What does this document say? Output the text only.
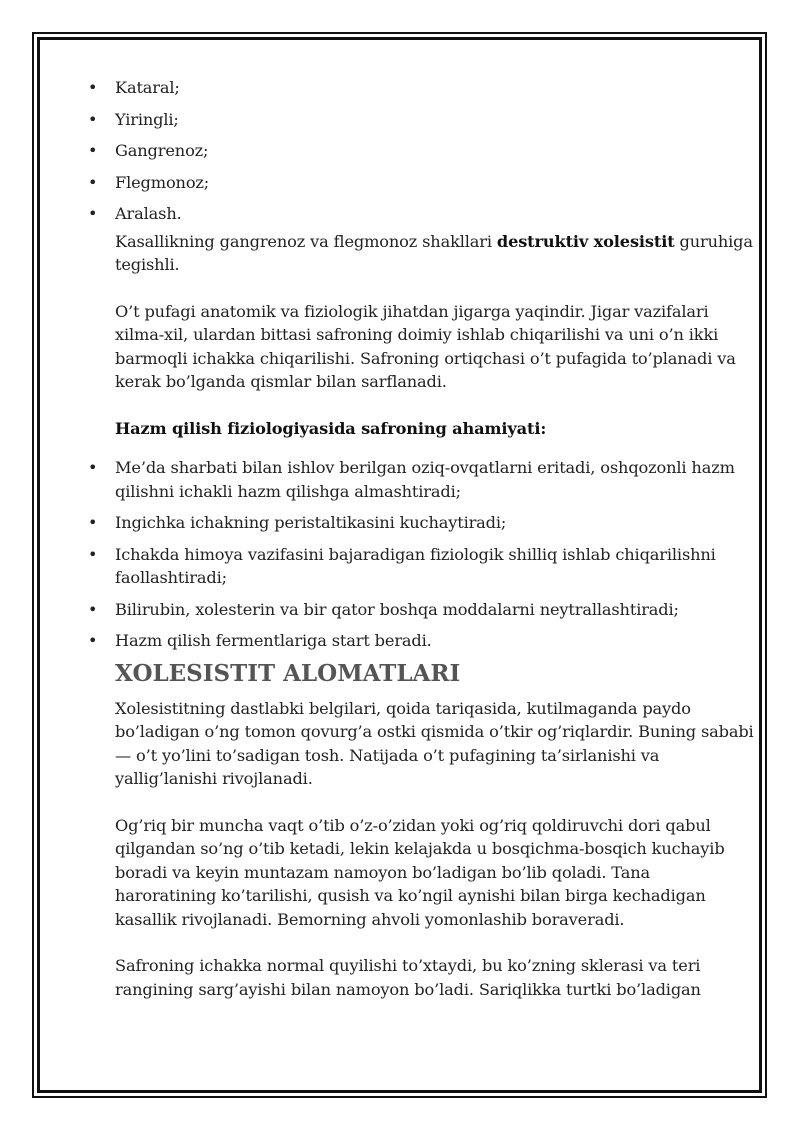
• Kataral;
• Yiringli;
• Gangrenoz;
• Flegmonoz;
• Aralash.

Kasallikning gangrenoz va flegmonoz shakllari destruktiv xolesistit guruhiga tegishli.

O’t pufagi anatomik va fiziologik jihatdan jigarga yaqindir. Jigar vazifalari xilma-xil, ulardan bittasi safroning doimiy ishlab chiqarilishi va uni o’n ikki barmoqli ichakka chiqarilishi. Safroning ortiqchasi o’t pufagida to’planadi va kerak bo’lganda qismlar bilan sarflanadi.

Hazm qilish fiziologiyasida safroning ahamiyati:

• Me’da sharbati bilan ishlov berilgan oziq-ovqatlarni eritadi, oshqozonli hazm qilishni ichakli hazm qilishga almashtiradi;
• Ingichka ichakning peristaltikasini kuchaytiradi;
• Ichakda himoya vazifasini bajaradigan fiziologik shilliq ishlab chiqarilishni faollashtiradi;
• Bilirubin, xolesterin va bir qator boshqa moddalarni neytrallashtiradi;
• Hazm qilish fermentlariga start beradi.
XOLESISTIT ALOMATLARI

Xolesistitning dastlabki belgilari, qoida tariqasida, kutilmaganda paydo bo’ladigan o’ng tomon qovurg’a ostki qismida o’tkir og’riqlardir. Buning sababi — o’t yo’lini to’sadigan tosh. Natijada o’t pufagining ta’sirlanishi va yallig’lanishi rivojlanadi.

Og’riq bir muncha vaqt o’tib o’z-o’zidan yoki og’riq qoldiruvchi dori qabul qilgandan so’ng o’tib ketadi, lekin kelajakda u bosqichma-bosqich kuchayib boradi va keyin muntazam namoyon bo’ladigan bo’lib qoladi. Tana haroratining ko’tarilishi, qusish va ko’ngil aynishi bilan birga kechadigan kasallik rivojlanadi. Bemorning ahvoli yomonlashib boraveradi.

Safroning ichakka normal quyilishi to’xtaydi, bu ko’zning sklerasi va teri rangining sarg’ayishi bilan namoyon bo’ladi. Sariqlikka turtki bo’ladigan
